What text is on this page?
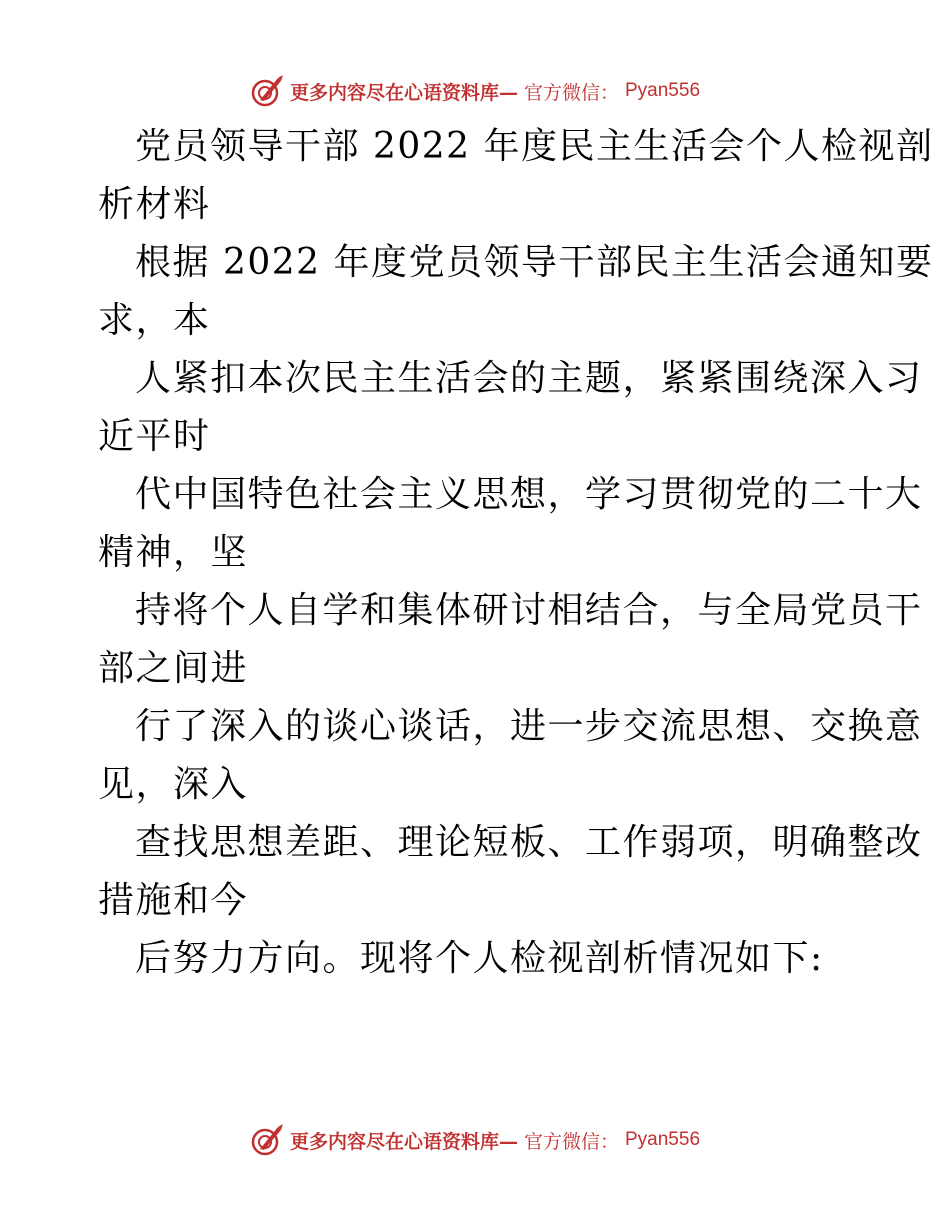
更多内容尽在心语资料库— 官方微信： Pyan556
党员领导干部 2022 年度民主生活会个人检视剖
析材料
根据 2022 年度党员领导干部民主生活会通知要
求，本
人紧扣本次民主生活会的主题，紧紧围绕深入习
近平时
代中国特色社会主义思想，学习贯彻党的二十大
精神，坚
持将个人自学和集体研讨相结合，与全局党员干
部之间进
行了深入的谈心谈话，进一步交流思想、交换意
见，深入
查找思想差距、理论短板、工作弱项，明确整改
措施和今
后努力方向。现将个人检视剖析情况如下:
更多内容尽在心语资料库— 官方微信： Pyan556
